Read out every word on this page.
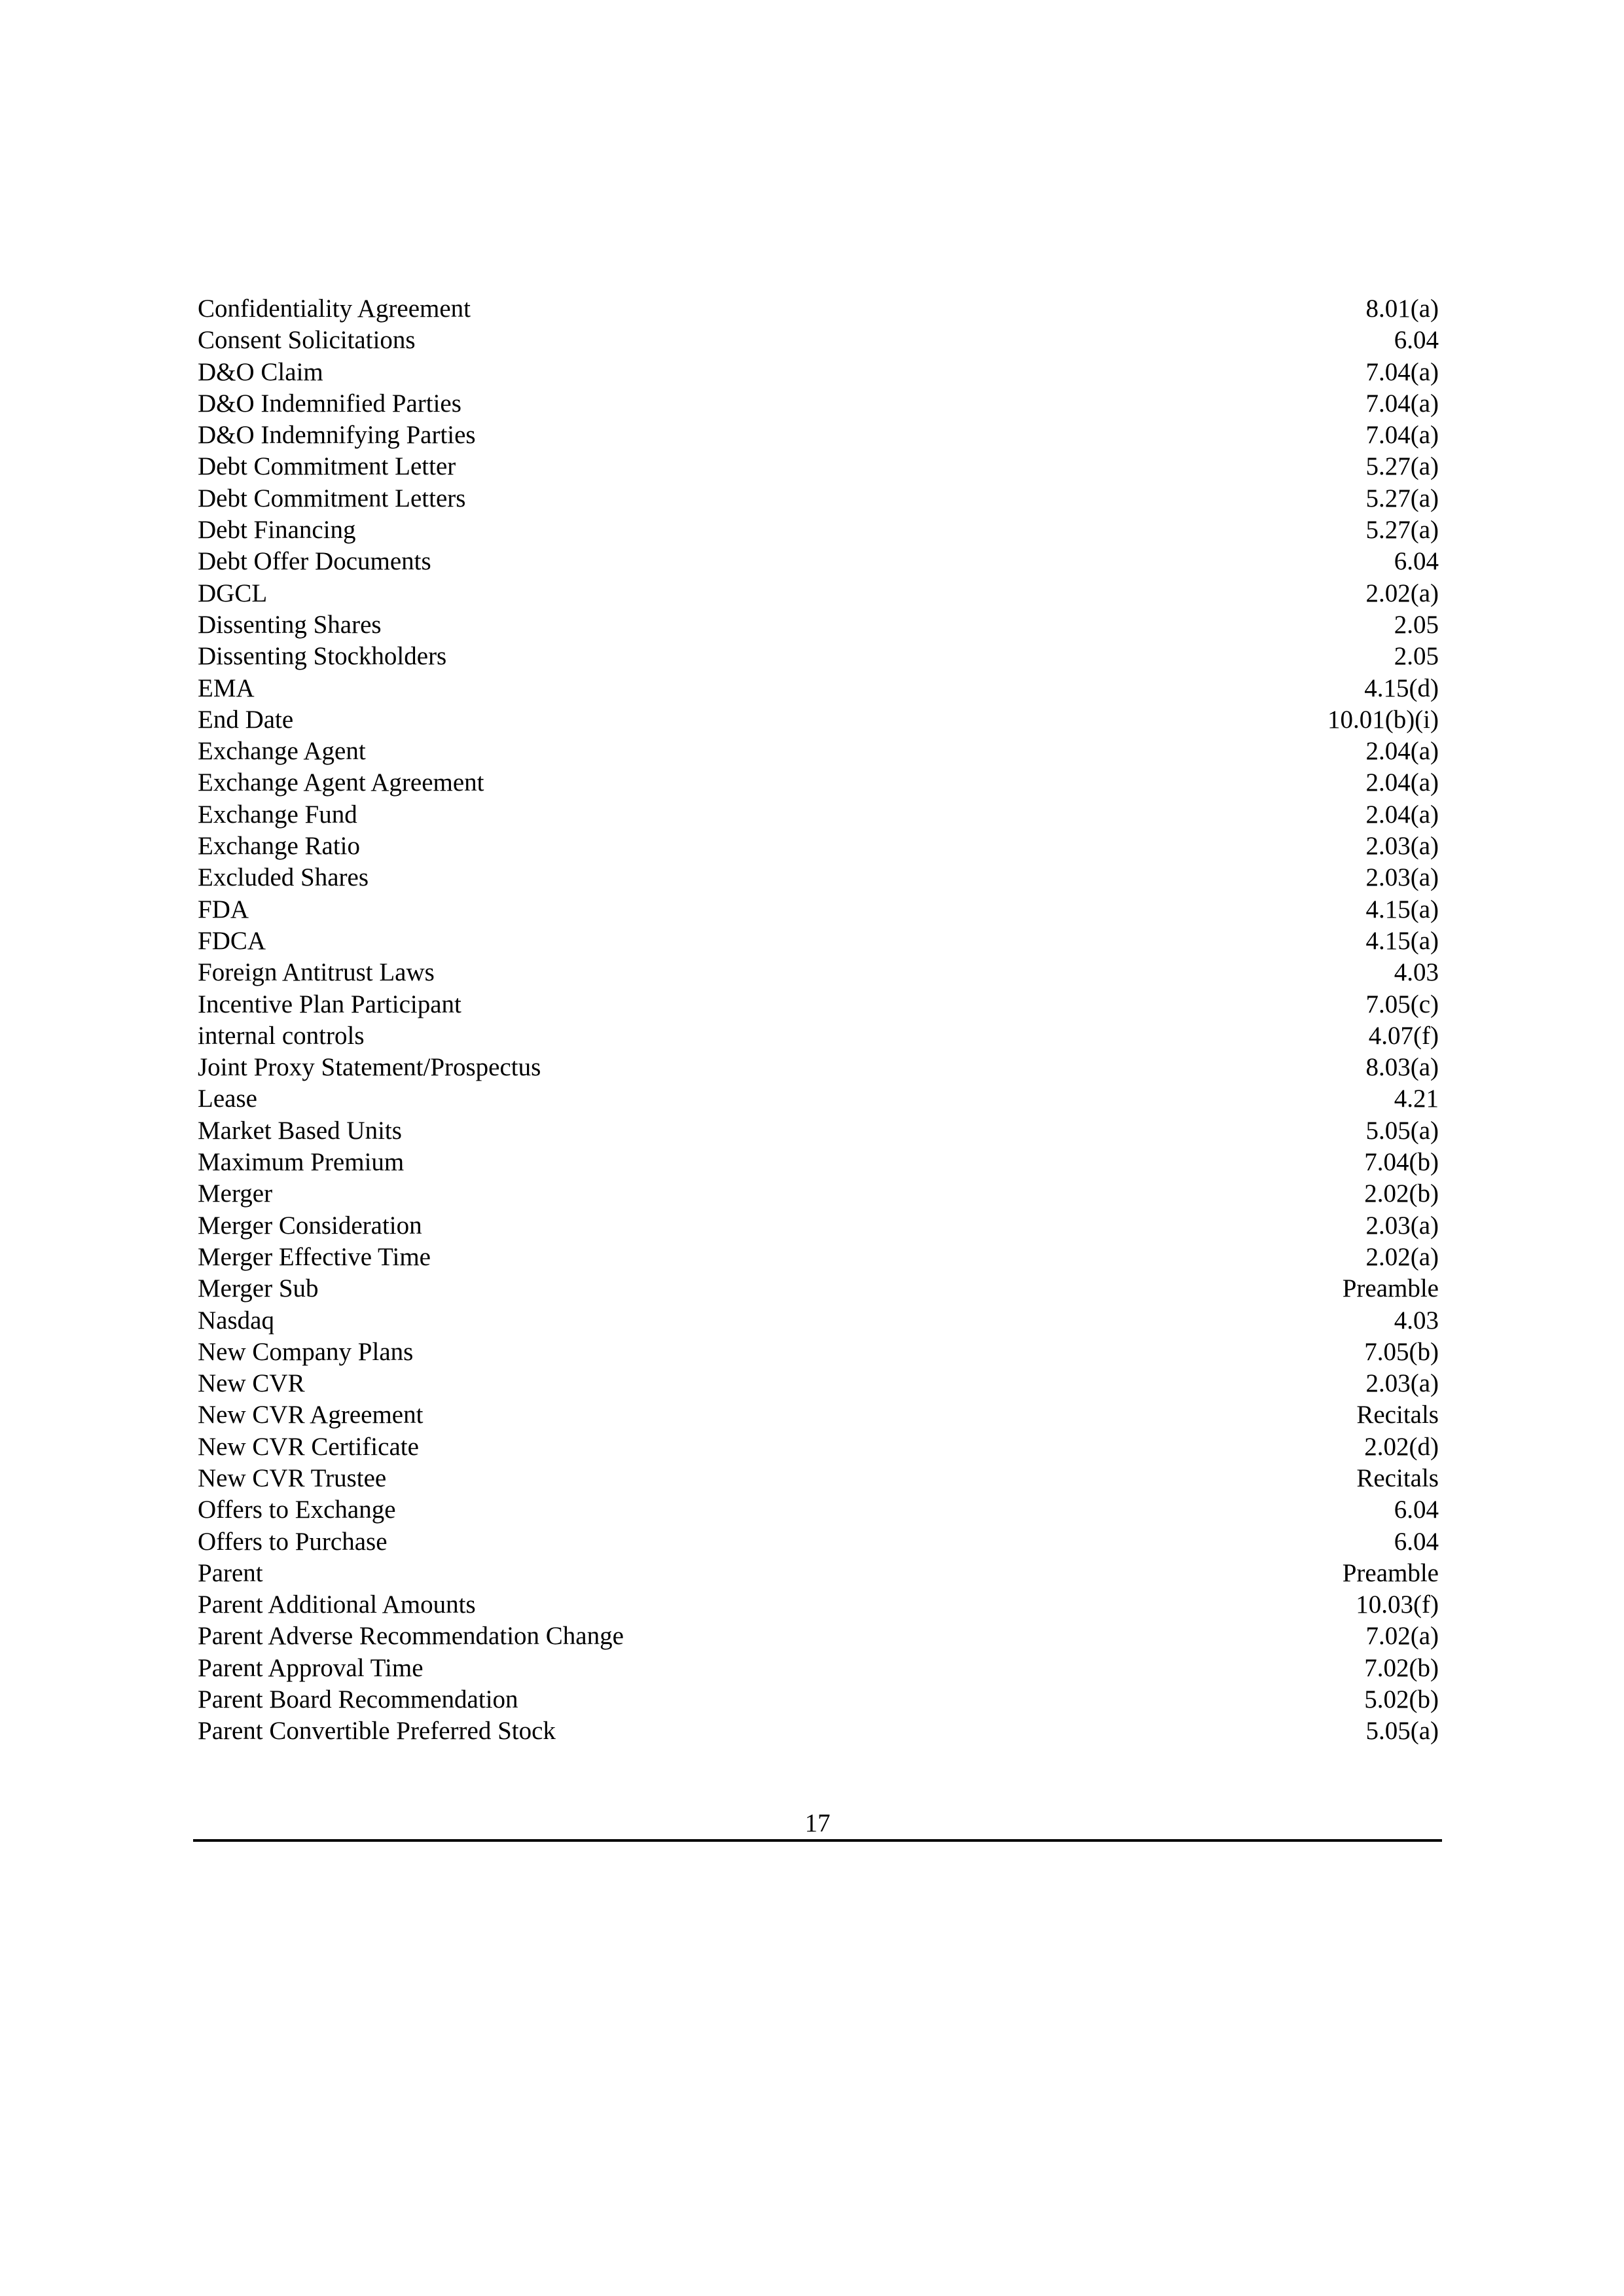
Confidentiality Agreement	8.01(a)
Consent Solicitations	6.04
D&O Claim	7.04(a)
D&O Indemnified Parties	7.04(a)
D&O Indemnifying Parties	7.04(a)
Debt Commitment Letter	5.27(a)
Debt Commitment Letters	5.27(a)
Debt Financing	5.27(a)
Debt Offer Documents	6.04
DGCL	2.02(a)
Dissenting Shares	2.05
Dissenting Stockholders	2.05
EMA	4.15(d)
End Date	10.01(b)(i)
Exchange Agent	2.04(a)
Exchange Agent Agreement	2.04(a)
Exchange Fund	2.04(a)
Exchange Ratio	2.03(a)
Excluded Shares	2.03(a)
FDA	4.15(a)
FDCA	4.15(a)
Foreign Antitrust Laws	4.03
Incentive Plan Participant	7.05(c)
internal controls	4.07(f)
Joint Proxy Statement/Prospectus	8.03(a)
Lease	4.21
Market Based Units	5.05(a)
Maximum Premium	7.04(b)
Merger	2.02(b)
Merger Consideration	2.03(a)
Merger Effective Time	2.02(a)
Merger Sub	Preamble
Nasdaq	4.03
New Company Plans	7.05(b)
New CVR	2.03(a)
New CVR Agreement	Recitals
New CVR Certificate	2.02(d)
New CVR Trustee	Recitals
Offers to Exchange	6.04
Offers to Purchase	6.04
Parent	Preamble
Parent Additional Amounts	10.03(f)
Parent Adverse Recommendation Change	7.02(a)
Parent Approval Time	7.02(b)
Parent Board Recommendation	5.02(b)
Parent Convertible Preferred Stock	5.05(a)
17
